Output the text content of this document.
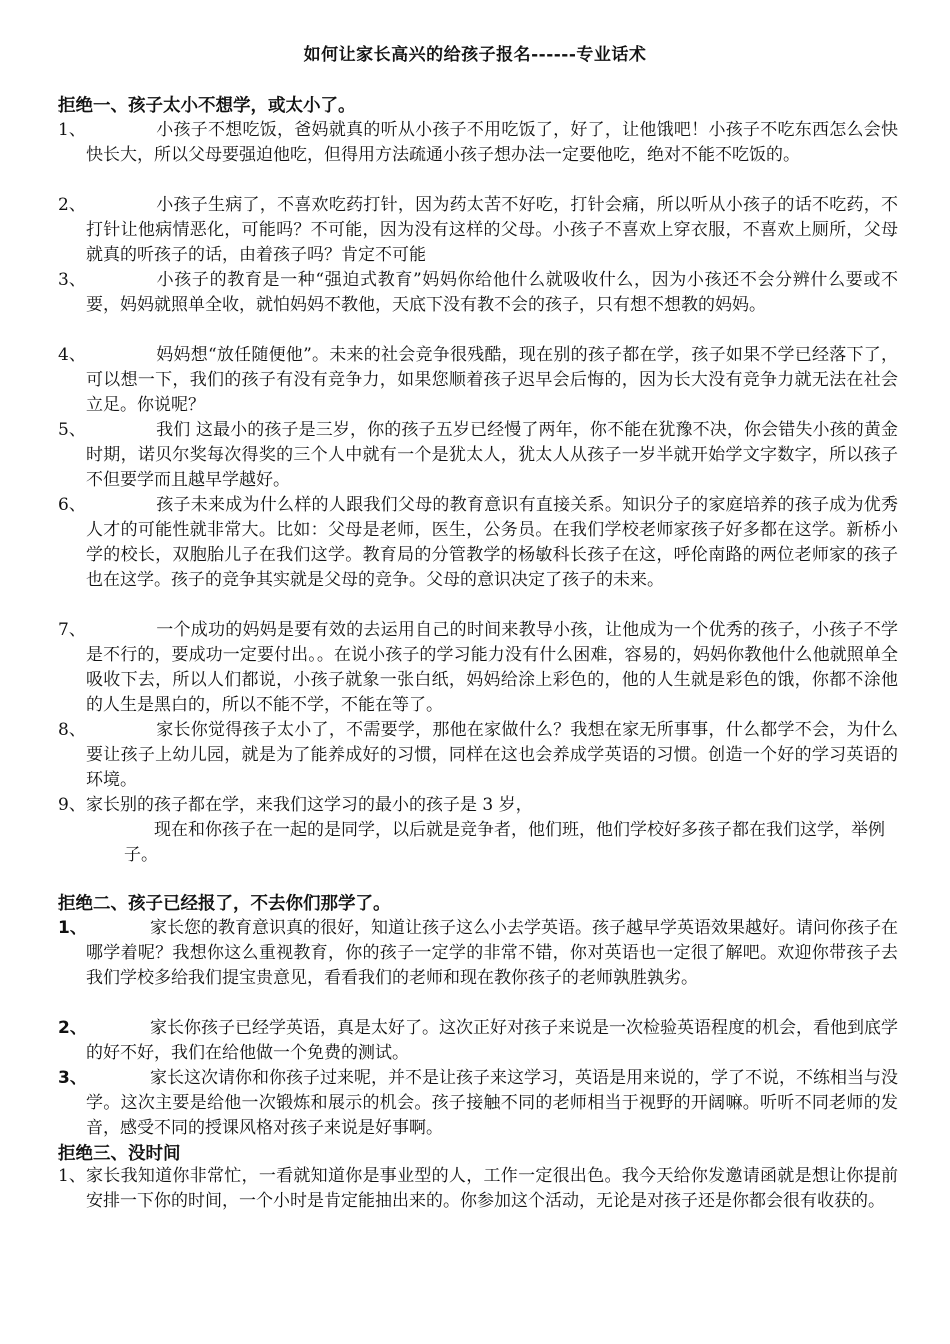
如何让家长高兴的给孩子报名------专业话术
拒绝一、孩子太小不想学，或太小了。
1、	小孩子不想吃饭，爸妈就真的听从小孩子不用吃饭了，好了，让他饿吧！小孩子不吃东西怎么会快快长大，所以父母要强迫他吃，但得用方法疏通小孩子想办法一定要他吃，绝对不能不吃饭的。

2、	小孩子生病了，不喜欢吃药打针，因为药太苦不好吃，打针会痛，所以听从小孩子的话不吃药，不打针让他病情恶化，可能吗？不可能，因为没有这样的父母。小孩子不喜欢上穿衣服，不喜欢上厕所，父母就真的听孩子的话，由着孩子吗？肯定不可能

3、	小孩子的教育是一种“强迫式教育”妈妈你给他什么就吸收什么，因为小孩还不会分辨什么要或不要，妈妈就照单全收，就怕妈妈不教他，天底下没有教不会的孩子，只有想不想教的妈妈。

4、	妈妈想“放任随便他”。未来的社会竞争很残酷，现在别的孩子都在学，孩子如果不学已经落下了，可以想一下，我们的孩子有没有竞争力，如果您顺着孩子迟早会后悔的，因为长大没有竞争力就无法在社会立足。你说呢？

5、	我们 这最小的孩子是三岁，你的孩子五岁已经慢了两年，你不能在犹豫不决，你会错失小孩的黄金时期，诺贝尔奖每次得奖的三个人中就有一个是犹太人，犹太人从孩子一岁半就开始学文字数字，所以孩子不但要学而且越早学越好。

6、	孩子未来成为什么样的人跟我们父母的教育意识有直接关系。知识分子的家庭培养的孩子成为优秀人才的可能性就非常大。比如：父母是老师，医生，公务员。在我们学校老师家孩子好多都在这学。新桥小学的校长，双胞胎儿子在我们这学。教育局的分管教学的杨敏科长孩子在这，呼伦南路的两位老师家的孩子也在这学。孩子的竞争其实就是父母的竞争。父母的意识决定了孩子的未来。

7、	一个成功的妈妈是要有效的去运用自己的时间来教导小孩，让他成为一个优秀的孩子，小孩子不学是不行的，要成功一定要付出。。在说小孩子的学习能力没有什么困难，容易的，妈妈你教他什么他就照单全吸收下去，所以人们都说，小孩子就象一张白纸，妈妈给涂上彩色的，他的人生就是彩色的饿，你都不涂他的人生是黑白的，所以不能不学，不能在等了。

8、	家长你觉得孩子太小了，不需要学，那他在家做什么？我想在家无所事事，什么都学不会，为什么要让孩子上幼儿园，就是为了能养成好的习惯，同样在这也会养成学英语的习惯。创造一个好的学习英语的环境。

9、 家长别的孩子都在学，来我们这学习的最小的孩子是 3 岁，

现在和你孩子在一起的是同学，以后就是竞争者，他们班，他们学校好多孩子都在我们这学，举例子。

拒绝二、孩子已经报了，不去你们那学了。
1、	家长您的教育意识真的很好，知道让孩子这么小去学英语。孩子越早学英语效果越好。请问你孩子在哪学着呢？我想你这么重视教育，你的孩子一定学的非常不错，你对英语也一定很了解吧。欢迎你带孩子去我们学校多给我们提宝贵意见，看看我们的老师和现在教你孩子的老师孰胜孰劣。

2、	家长你孩子已经学英语，真是太好了。这次正好对孩子来说是一次检验英语程度的机会，看他到底学的好不好，我们在给他做一个免费的测试。

3、	家长这次请你和你孩子过来呢，并不是让孩子来这学习，英语是用来说的，学了不说，不练相当与没学。这次主要是给他一次锻炼和展示的机会。孩子接触不同的老师相当于视野的开阔嘛。听听不同老师的发音，感受不同的授课风格对孩子来说是好事啊。

拒绝三、没时间
1、 家长我知道你非常忙，一看就知道你是事业型的人，工作一定很出色。我今天给你发邀请函就是想让你提前安排一下你的时间，一个小时是肯定能抽出来的。你参加这个活动，无论是对孩子还是你都会很有收获的。
